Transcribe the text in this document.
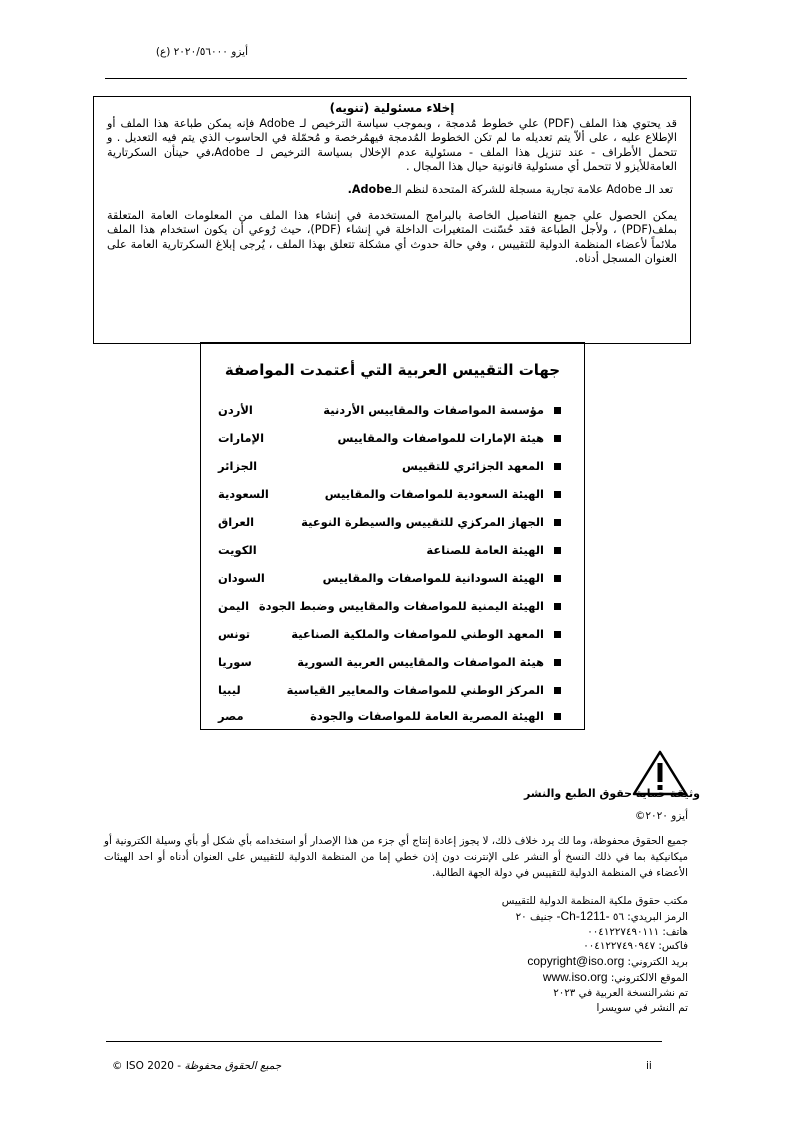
أيزو ٢٠٢٠/٥٦٠٠٠ (ع)
إخلاء مسئولية (تنويه)

قد يحتوي هذا الملف (PDF) علي خطوط مُدمجة ، وبموجب سياسة الترخيص لـ Adobe فإنه يمكن طباعة هذا الملف أو الإطلاع عليه ، على ألاّ يتم تعديله ما لم تكن الخطوط المُدمجة فيهمُرخصة و مُحمّلة في الحاسوب الذي يتم فيه التعديل . و تتحمل الأطراف - عند تنزيل هذا الملف - مسئولية عدم الإخلال بسياسة الترخيص لـ Adobe،في حينأن السكرتارية العامةللأيزو لا تتحمل أي مسئولية قانونية حيال هذا المجال .

تعد الـ Adobe علامة تجارية مسجلة للشركة المتحدة لنظم الـAdobe.

يمكن الحصول علي جميع التفاصيل الخاصة بالبرامج المستخدمة في إنشاء هذا الملف من المعلومات العامة المتعلقة بملف(PDF) ، ولأجل الطباعة فقد حُسّنت المتغيرات الداخلة في إنشاء (PDF)، حيث رُوعي أن يكون استخدام هذا الملف ملائماً لأعضاء المنظمة الدولية للتقييس ، وفي حالة حدوث أي مشكلة تتعلق بهذا الملف ، يُرجى إبلاغ السكرتارية العامة على العنوان المسجل أدناه.

جهات التقييس العربية التي أعتمدت المواصفة
مؤسسة المواصفات والمقاييس الأردنية
الأردن
هيئة الإمارات للمواصفات والمقاييس
الإمارات
المعهد الجزائري للتقييس
الجزائر
الهيئة السعودية للمواصفات والمقاييس
السعودية
الجهاز المركزي للتقييس والسيطرة النوعية
العراق
الهيئة العامة للصناعة
الكويت
الهيئة السودانية للمواصفات والمقاييس
السودان
الهيئة اليمنية للمواصفات والمقاييس وضبط الجودة
اليمن
المعهد الوطني للمواصفات والملكية الصناعية
تونس
هيئة المواصفات والمقاييس العربية السورية
سوريا
المركز الوطني للمواصفات والمعايير القياسية
ليبيا
الهيئة المصرية العامة للمواصفات والجودة
مصر
وثيقة حماية حقوق الطبع والنشر
أيزو ٢٠٢٠©
جميع الحقوق محفوظة، وما لك يرد خلاف ذلك، لا يجوز إعادة إنتاج أي جزء من هذا الإصدار أو استخدامه بأي شكل أو بأي وسيلة الكترونية أو ميكانيكية بما في ذلك النسخ أو النشر على الإنترنت دون إذن خطي إما من المنظمة الدولية للتقييس على العنوان أدناه أو احد الهيئات الأعضاء في المنظمة الدولية للتقييس في دولة الجهة الطالبة.
مكتب حقوق ملكية المنظمة الدولية للتقييس
الرمز البريدي: ٥٦ -Ch-1211- جنيف ٢٠
هاتف: ٠٠٤١٢٢٧٤٩٠١١١
فاكس: ٠٠٤١٢٢٧٤٩٠٩٤٧
بريد الكتروني: copyright@iso.org
الموقع الالكتروني: www.iso.org
تم نشرالنسخة العربية في ٢٠٢٣
تم النشر في سويسرا
© ISO 2020 - جميع الحقوق محفوظة	ii
